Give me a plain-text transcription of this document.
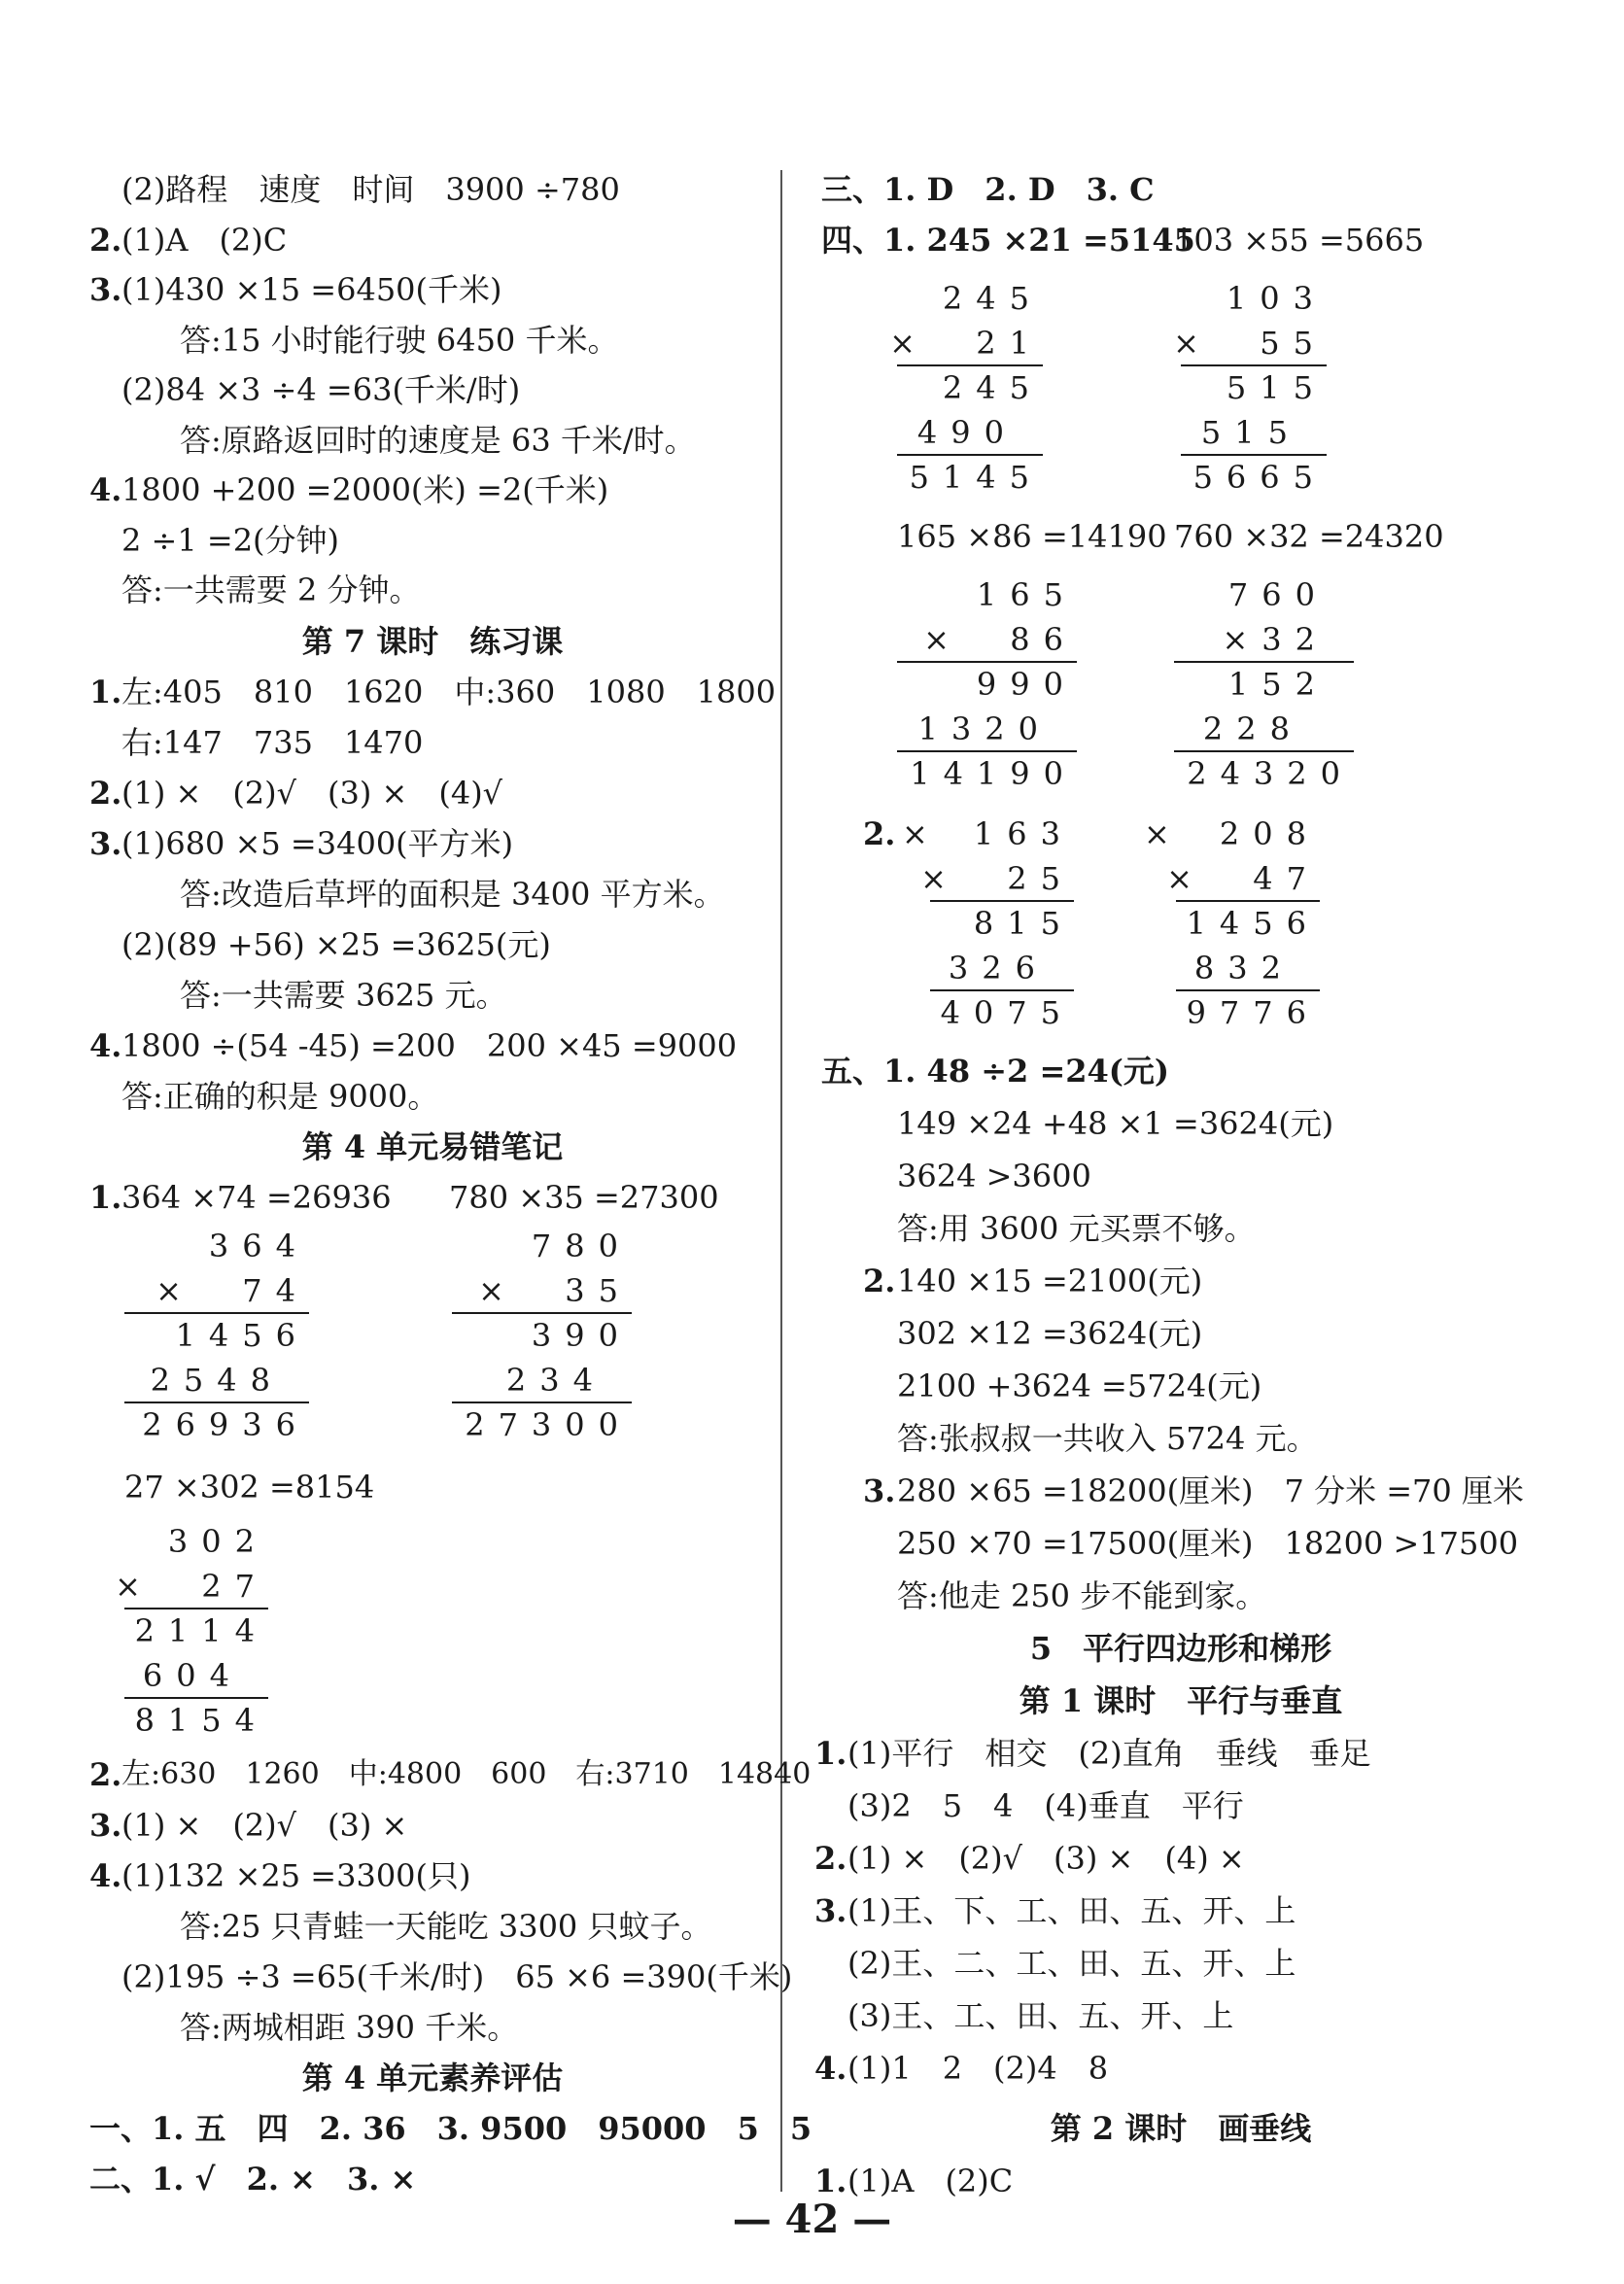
(2)路程　速度　时间　3900 ÷780
2. (1)A　(2)C
3. (1)430 ×15 =6450(千米)
答:15 小时能行驶 6450 千米。
(2)84 ×3 ÷4 =63(千米/时)
答:原路返回时的速度是 63 千米/时。
4. 1800 +200 =2000(米) =2(千米)
2 ÷1 =2(分钟)
答:一共需要 2 分钟。
第 7 课时　练习课
1. 左:405　810　1620　中:360　1080　1800
右:147　735　1470
2. (1) ×　(2)√　(3) ×　(4)√
3. (1)680 ×5 =3400(平方米)
答:改造后草坪的面积是 3400 平方米。
(2)(89 +56) ×25 =3625(元)
答:一共需要 3625 元。
4. 1800 ÷(54 -45) =200　200 ×45 =9000
答:正确的积是 9000。
第 4 单元易错笔记
1. 364 ×74 =26936 780 ×35 =27300
364
×  74
1456
2548
26936
780
×  35
390
234
27300
27 ×302 =8154
302
×  27
2114
604
8154
2. 左:630　1260　中:4800　600　右:3710　14840
3. (1) ×　(2)√　(3) ×
4. (1)132 ×25 =3300(只)
答:25 只青蛙一天能吃 3300 只蚊子。
(2)195 ÷3 =65(千米/时)　65 ×6 =390(千米)
答:两城相距 390 千米。
第 4 单元素养评估
一、1. 五　四　2. 36　3. 9500　95000　5　5
二、1. √　2. ×　3. ×
三、1. D　2. D　3. C
四、1. 245 ×21 =5145
103 ×55 =5665
245
×  21
245
490
5145
103
×  55
515
515
5665
165 ×86 =14190 760 ×32 =24320
165
×  86
990
1320
14190
760
×32
152
228
24320
2. ×	×
163
×  25
815
326
4075
208
×  47
1456
832
9776
五、1. 48 ÷2 =24(元)
149 ×24 +48 ×1 =3624(元)
3624 >3600
答:用 3600 元买票不够。
2. 140 ×15 =2100(元)
302 ×12 =3624(元)
2100 +3624 =5724(元)
答:张叔叔一共收入 5724 元。
3. 280 ×65 =18200(厘米)　7 分米 =70 厘米
250 ×70 =17500(厘米)　18200 >17500
答:他走 250 步不能到家。
5　平行四边形和梯形
第 1 课时　平行与垂直
1. (1)平行　相交　(2)直角　垂线　垂足
(3)2　5　4　(4)垂直　平行
2. (1) ×　(2)√　(3) ×　(4) ×
3. (1)王、下、工、田、五、开、上
(2)王、二、工、田、五、开、上
(3)王、工、田、五、开、上
4. (1)1　2　(2)4　8
第 2 课时　画垂线
1. (1)A　(2)C
— 42 —
